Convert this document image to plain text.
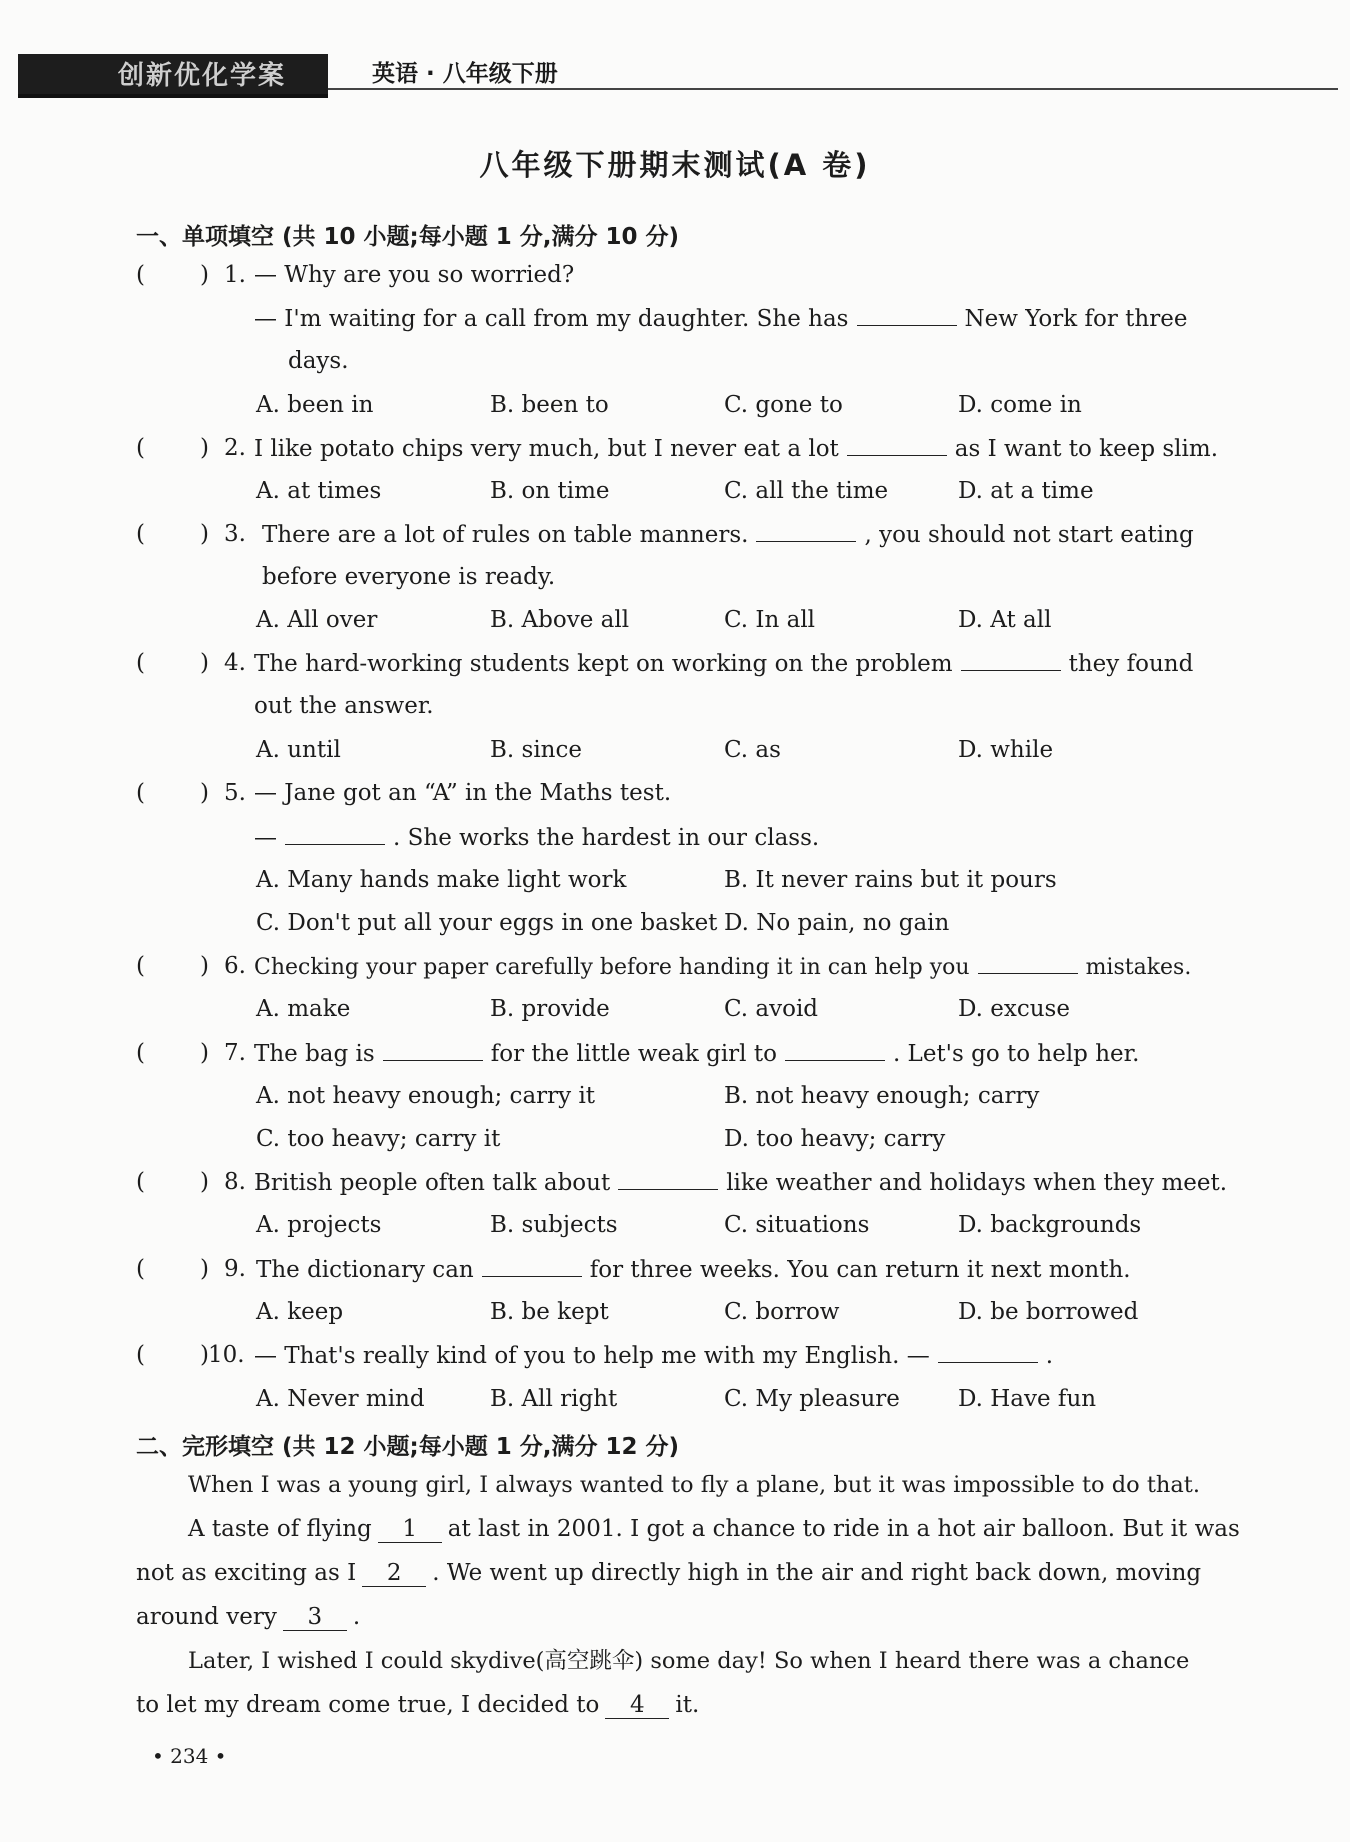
创新优化学案	英语 · 八年级下册
八年级下册期末测试(A 卷)
一、单项填空 (共 10 小题;每小题 1 分,满分 10 分)
( ) 1. — Why are you so worried?
— I'm waiting for a call from my daughter. She has	New York for three
days.
A. been in	B. been to	C. gone to	D. come in
( ) 2. I like potato chips very much, but I never eat a lot	as I want to keep slim.
A. at times	B. on time	C. all the time	D. at a time
( ) 3. There are a lot of rules on table manners.	, you should not start eating
before everyone is ready.
A. All over	B. Above all	C. In all	D. At all
( ) 4. The hard-working students kept on working on the problem	they found
out the answer.
A. until	B. since	C. as	D. while
( ) 5. — Jane got an “A” in the Maths test.
—	. She works the hardest in our class.
A. Many hands make light work	B. It never rains but it pours
C. Don't put all your eggs in one basket D. No pain, no gain
( ) 6. Checking your paper carefully before handing it in can help you	mistakes.
A. make	B. provide	C. avoid	D. excuse
( ) 7. The bag is	for the little weak girl to	. Let's go to help her.
A. not heavy enough; carry it	B. not heavy enough; carry
C. too heavy; carry it	D. too heavy; carry
( ) 8. British people often talk about	like weather and holidays when they meet.
A. projects	B. subjects	C. situations	D. backgrounds
( ) 9. The dictionary can	for three weeks. You can return it next month.
A. keep	B. be kept	C. borrow	D. be borrowed
( ) 10. — That's really kind of you to help me with my English. —	.
A. Never mind	B. All right	C. My pleasure	D. Have fun
二、完形填空 (共 12 小题;每小题 1 分,满分 12 分)
When I was a young girl, I always wanted to fly a plane, but it was impossible to do that.
A taste of flying 1 at last in 2001. I got a chance to ride in a hot air balloon. But it was
not as exciting as I 2 . We went up directly high in the air and right back down, moving
around very 3 .
Later, I wished I could skydive(高空跳伞) some day! So when I heard there was a chance
to let my dream come true, I decided to 4 it.
• 234 •
